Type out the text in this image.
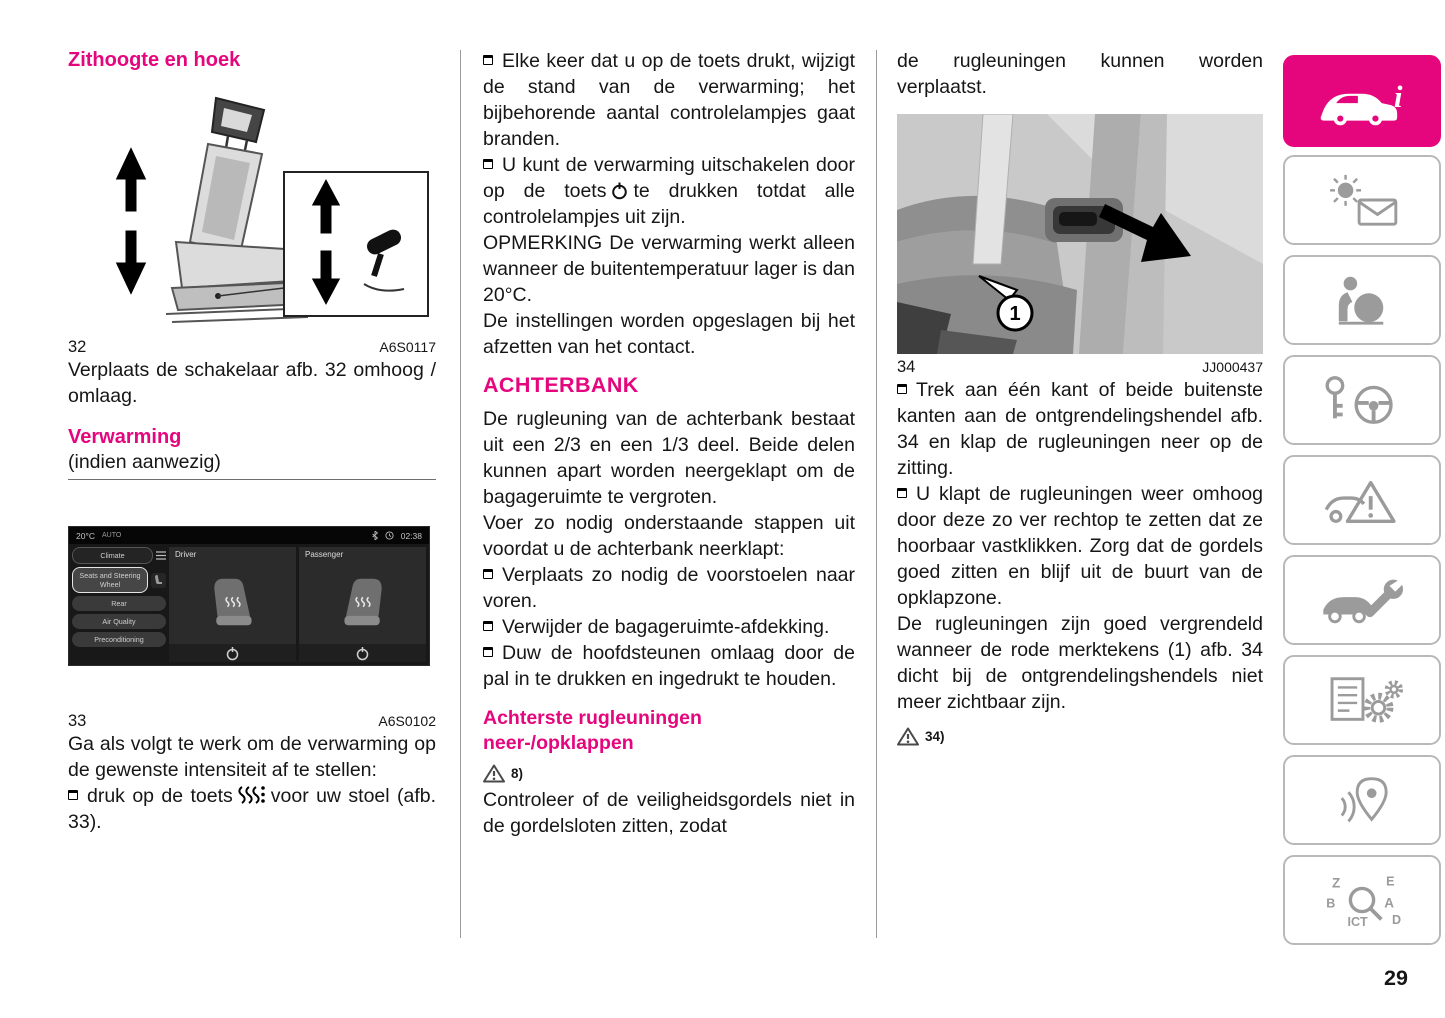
Zithoogte en hoek
32	A6S0117

Verplaats de schakelaar afb. 32 omhoog / omlaag.

Verwarming

(indien aanwezig)

20°C AUTO	02:38
Climate
Seats and Steering Wheel
Rear
Air Quality
Preconditioning
Driver	Passenger
33	A6S0102

Ga als volgt te werk om de verwarming op de gewenste intensiteit af te stellen:

druk op de toets voor uw stoel (afb. 33).

Elke keer dat u op de toets drukt, wijzigt de stand van de verwarming; het bijbehorende aantal controlelampjes gaat branden.

U kunt de verwarming uitschakelen door op de toets te drukken totdat alle controlelampjes uit zijn.

OPMERKING De verwarming werkt alleen wanneer de buitentemperatuur lager is dan 20°C.

De instellingen worden opgeslagen bij het afzetten van het contact.

ACHTERBANK

De rugleuning van de achterbank bestaat uit een 2/3 en een 1/3 deel. Beide delen kunnen apart worden neergeklapt om de bagageruimte te vergroten.

Voer zo nodig onderstaande stappen uit voordat u de achterbank neerklapt:

Verplaats zo nodig de voorstoelen naar voren.

Verwijder de bagageruimte-afdekking.

Duw de hoofdsteunen omlaag door de pal in te drukken en ingedrukt te houden.

Achterste rugleuningen neer-/opklappen
8)

Controleer of de veiligheidsgordels niet in de gordelsloten zitten, zodat

de rugleuningen kunnen worden verplaatst.

1
34	JJ000437

Trek aan één kant of beide buitenste kanten aan de ontgrendelingshendel afb. 34 en klap de rugleuningen neer op de zitting.

U klapt de rugleuningen weer omhoog door deze zo ver rechtop te zetten dat ze hoorbaar vastklikken. Zorg dat de gordels goed zitten en blijf uit de buurt van de opklapzone.

De rugleuningen zijn goed vergrendeld wanneer de rode merktekens (1) afb. 34 dicht bij de ontgrendelingshendels niet meer zichtbaar zijn.

34)
i
Z	E
B	A
ICT D
29
